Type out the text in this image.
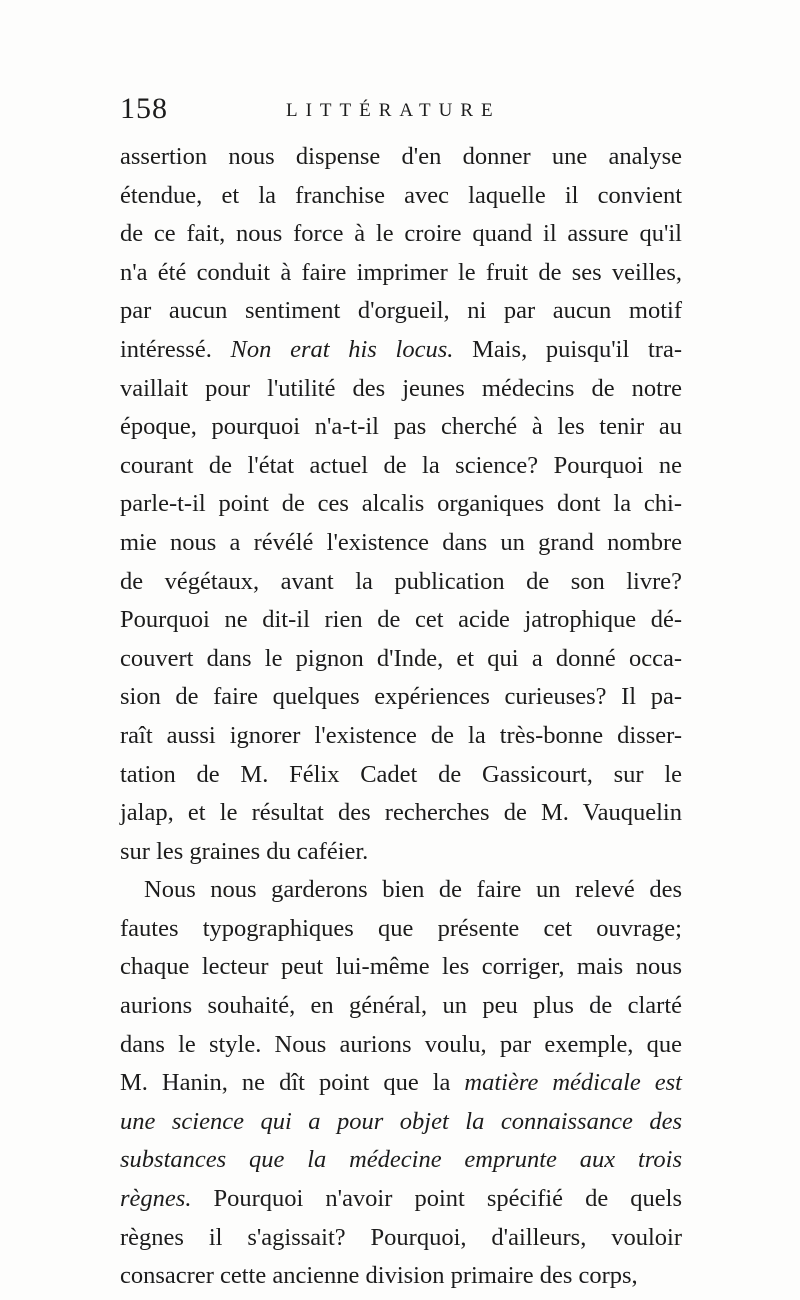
158	LITTÉRATURE
assertion nous dispense d'en donner une analyse
étendue, et la franchise avec laquelle il convient
de ce fait, nous force à le croire quand il assure qu'il
n'a été conduit à faire imprimer le fruit de ses veilles,
par aucun sentiment d'orgueil, ni par aucun motif
intéressé. Non erat his locus. Mais, puisqu'il tra-
vaillait pour l'utilité des jeunes médecins de notre
époque, pourquoi n'a-t-il pas cherché à les tenir au
courant de l'état actuel de la science? Pourquoi ne
parle-t-il point de ces alcalis organiques dont la chi-
mie nous a révélé l'existence dans un grand nombre
de végétaux, avant la publication de son livre?
Pourquoi ne dit-il rien de cet acide jatrophique dé-
couvert dans le pignon d'Inde, et qui a donné occa-
sion de faire quelques expériences curieuses? Il pa-
raît aussi ignorer l'existence de la très-bonne disser-
tation de M. Félix Cadet de Gassicourt, sur le
jalap, et le résultat des recherches de M. Vauquelin
sur les graines du caféier.
Nous nous garderons bien de faire un relevé des
fautes typographiques que présente cet ouvrage;
chaque lecteur peut lui-même les corriger, mais nous
aurions souhaité, en général, un peu plus de clarté
dans le style. Nous aurions voulu, par exemple, que
M. Hanin, ne dît point que la matière médicale est
une science qui a pour objet la connaissance des
substances que la médecine emprunte aux trois
règnes. Pourquoi n'avoir point spécifié de quels
règnes il s'agissait? Pourquoi, d'ailleurs, vouloir
consacrer cette ancienne division primaire des corps,
